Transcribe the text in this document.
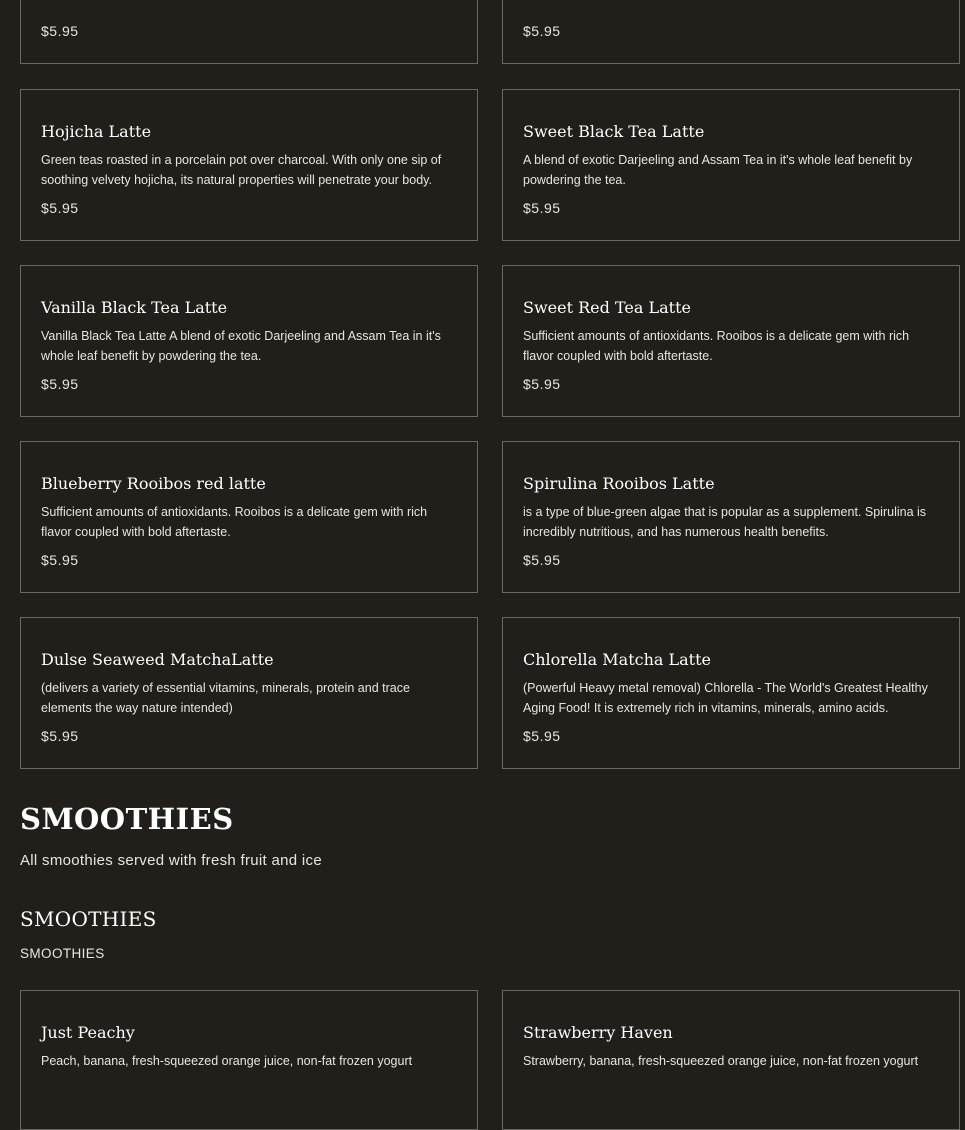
$5.95	$5.95
Hojicha Latte

Green teas roasted in a porcelain pot over charcoal. With only one sip of soothing velvety hojicha, its natural properties will penetrate your body.

$5.95
Sweet Black Tea Latte

A blend of exotic Darjeeling and Assam Tea in it's whole leaf benefit by powdering the tea.

$5.95
Vanilla Black Tea Latte

Vanilla Black Tea Latte A blend of exotic Darjeeling and Assam Tea in it's whole leaf benefit by powdering the tea.

$5.95
Sweet Red Tea Latte

Sufficient amounts of antioxidants. Rooibos is a delicate gem with rich flavor coupled with bold aftertaste.

$5.95
Blueberry Rooibos red latte

Sufficient amounts of antioxidants. Rooibos is a delicate gem with rich flavor coupled with bold aftertaste.

$5.95
Spirulina Rooibos Latte

is a type of blue-green algae that is popular as a supplement. Spirulina is incredibly nutritious, and has numerous health benefits.

$5.95
Dulse Seaweed MatchaLatte

(delivers a variety of essential vitamins, minerals, protein and trace elements the way nature intended)

$5.95
Chlorella Matcha Latte

(Powerful Heavy metal removal) Chlorella - The World's Greatest Healthy Aging Food! It is extremely rich in vitamins, minerals, amino acids.

$5.95
SMOOTHIES
All smoothies served with fresh fruit and ice
SMOOTHIES
SMOOTHIES
Just Peachy

Peach, banana, fresh-squeezed orange juice, non-fat frozen yogurt

Strawberry Haven

Strawberry, banana, fresh-squeezed orange juice, non-fat frozen yogurt
